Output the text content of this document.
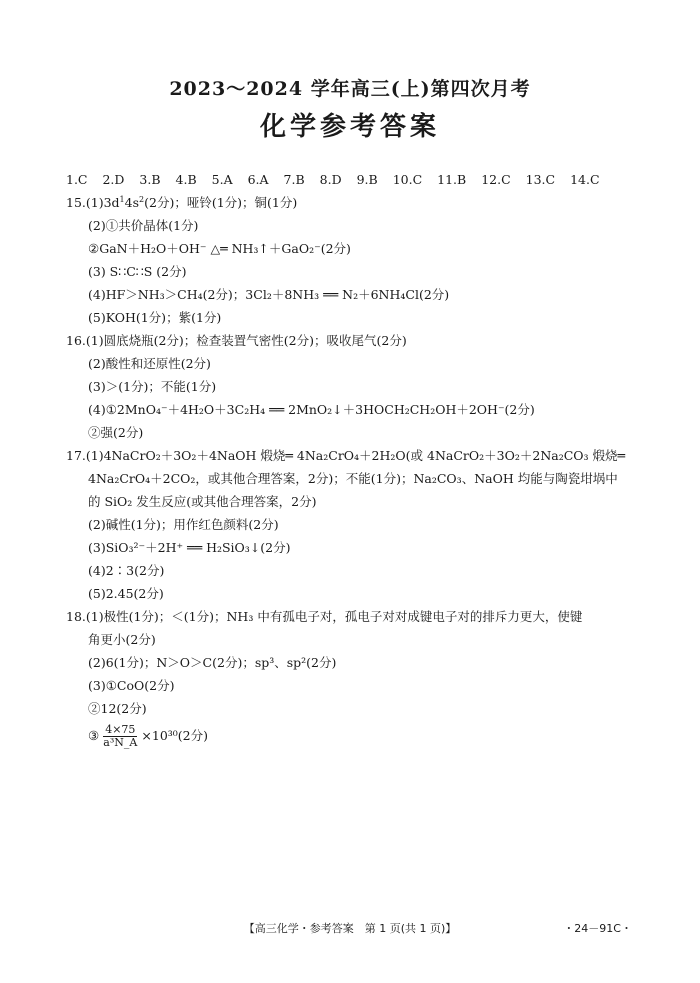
2023～2024 学年高三(上)第四次月考
化学参考答案
1.C 2.D 3.B 4.B 5.A 6.A 7.B 8.D 9.B 10.C 11.B 12.C 13.C 14.C
$15.(1)3d^14s^2(2$分)；哑铃(1分)；铜(1分)
(2)①共价晶体(1分)
②GaN＋H₂O＋OH⁻ △═ NH₃↑＋GaO₂⁻(2分)
(3) S∷C∷S (2分)
(4)HF＞NH₃＞CH₄(2分)；3Cl₂＋8NH₃ ══ N₂＋6NH₄Cl(2分)
(5)KOH(1分)；紫(1分)
16.(1)圆底烧瓶(2分)；检查装置气密性(2分)；吸收尾气(2分)
(2)酸性和还原性(2分)
(3)＞(1分)；不能(1分)
(4)①2MnO₄⁻＋4H₂O＋3C₂H₄ ══ 2MnO₂↓＋3HOCH₂CH₂OH＋2OH⁻(2分)
②强(2分)
17.(1)4NaCrO₂＋3O₂＋4NaOH 煅烧═ 4Na₂CrO₄＋2H₂O(或 4NaCrO₂＋3O₂＋2Na₂CO₃ 煅烧═
4Na₂CrO₄＋2CO₂，或其他合理答案，2分)；不能(1分)；Na₂CO₃、NaOH 均能与陶瓷坩埚中
的 SiO₂ 发生反应(或其他合理答案，2分)
(2)碱性(1分)；用作红色颜料(2分)
(3)SiO₃²⁻＋2H⁺ ══ H₂SiO₃↓(2分)
(4)2∶3(2分)
(5)2.45(2分)
18.(1)极性(1分)；＜(1分)；NH₃ 中有孤电子对，孤电子对对成键电子对的排斥力更大，使键
角更小(2分)
(2)6(1分)；N＞O＞C(2分)；sp³、sp²(2分)
(3)①CoO(2分)
②12(2分)
③ $\frac{4\times 75}{\text{a³N\_A}} \times 10^{30}(2$分)
【高三化学・参考答案　第 1 页(共 1 页)】	・24－91C・
